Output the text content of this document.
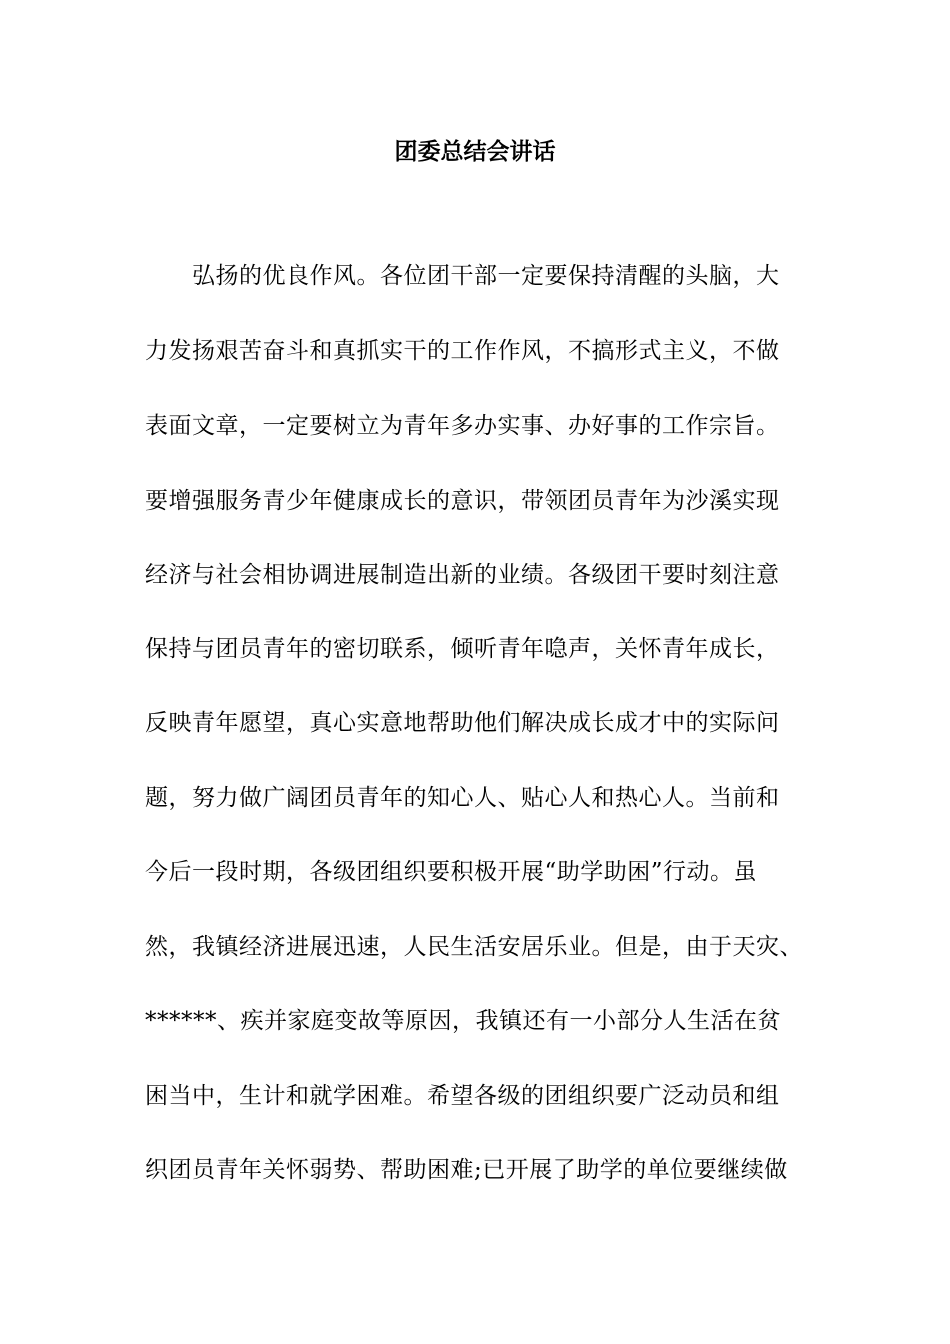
团委总结会讲话
　　弘扬的优良作风。各位团干部一定要保持清醒的头脑，大
力发扬艰苦奋斗和真抓实干的工作作风，不搞形式主义，不做
表面文章，一定要树立为青年多办实事、办好事的工作宗旨。
要增强服务青少年健康成长的意识，带领团员青年为沙溪实现
经济与社会相协调进展制造出新的业绩。各级团干要时刻注意
保持与团员青年的密切联系，倾听青年喼声，关怀青年成长，
反映青年愿望，真心实意地帮助他们解决成长成才中的实际问
题，努力做广阔团员青年的知心人、贴心人和热心人。当前和
今后一段时期，各级团组织要积极开展“助学助困”行动。虽
然，我镇经济进展迅速，人民生活安居乐业。但是，由于天灾、
******、疾并家庭变故等原因，我镇还有一小部分人生活在贫
困当中，生计和就学困难。希望各级的团组织要广泛动员和组
织团员青年关怀弱势、帮助困难;已开展了助学的单位要继续做
